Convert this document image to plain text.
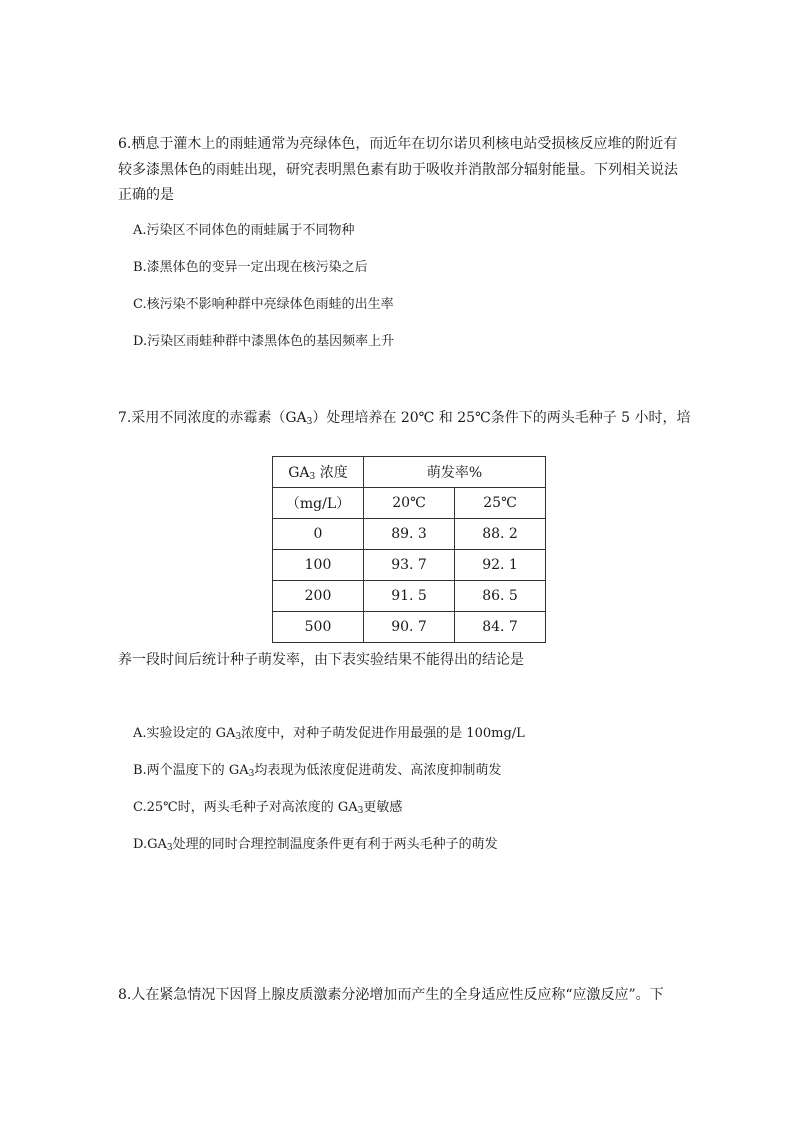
6.栖息于灌木上的雨蛙通常为亮绿体色，而近年在切尔诺贝利核电站受损核反应堆的附近有
较多漆黑体色的雨蛙出现，研究表明黑色素有助于吸收并消散部分辐射能量。下列相关说法
正确的是
A.污染区不同体色的雨蛙属于不同物种
B.漆黑体色的变异一定出现在核污染之后
C.核污染不影响种群中亮绿体色雨蛙的出生率
D.污染区雨蛙种群中漆黑体色的基因频率上升
7.采用不同浓度的赤霉素$(GA_3)$处理培养在 20℃ 和 25℃条件下的两头毛种子 5 小时，培
$GA_3$ 浓度	萌发率%	
（mg/L）	20℃	25℃
0	89. 3	88. 2
100	93. 7	92. 1
200	91. 5	86. 5
500	90. 7	84. 7
养一段时间后统计种子萌发率，由下表实验结果不能得出的结论是
A.实验设定的 $GA_3$浓度中，对种子萌发促进作用最强的是 100mg/L
B.两个温度下的 $GA_3$均表现为低浓度促进萌发、高浓度抑制萌发
C.25℃时，两头毛种子对高浓度的 $GA_3$更敏感
$D.GA_3$处理的同时合理控制温度条件更有利于两头毛种子的萌发
8.人在紧急情况下因肾上腺皮质激素分泌增加而产生的全身适应性反应称“应激反应”。下
